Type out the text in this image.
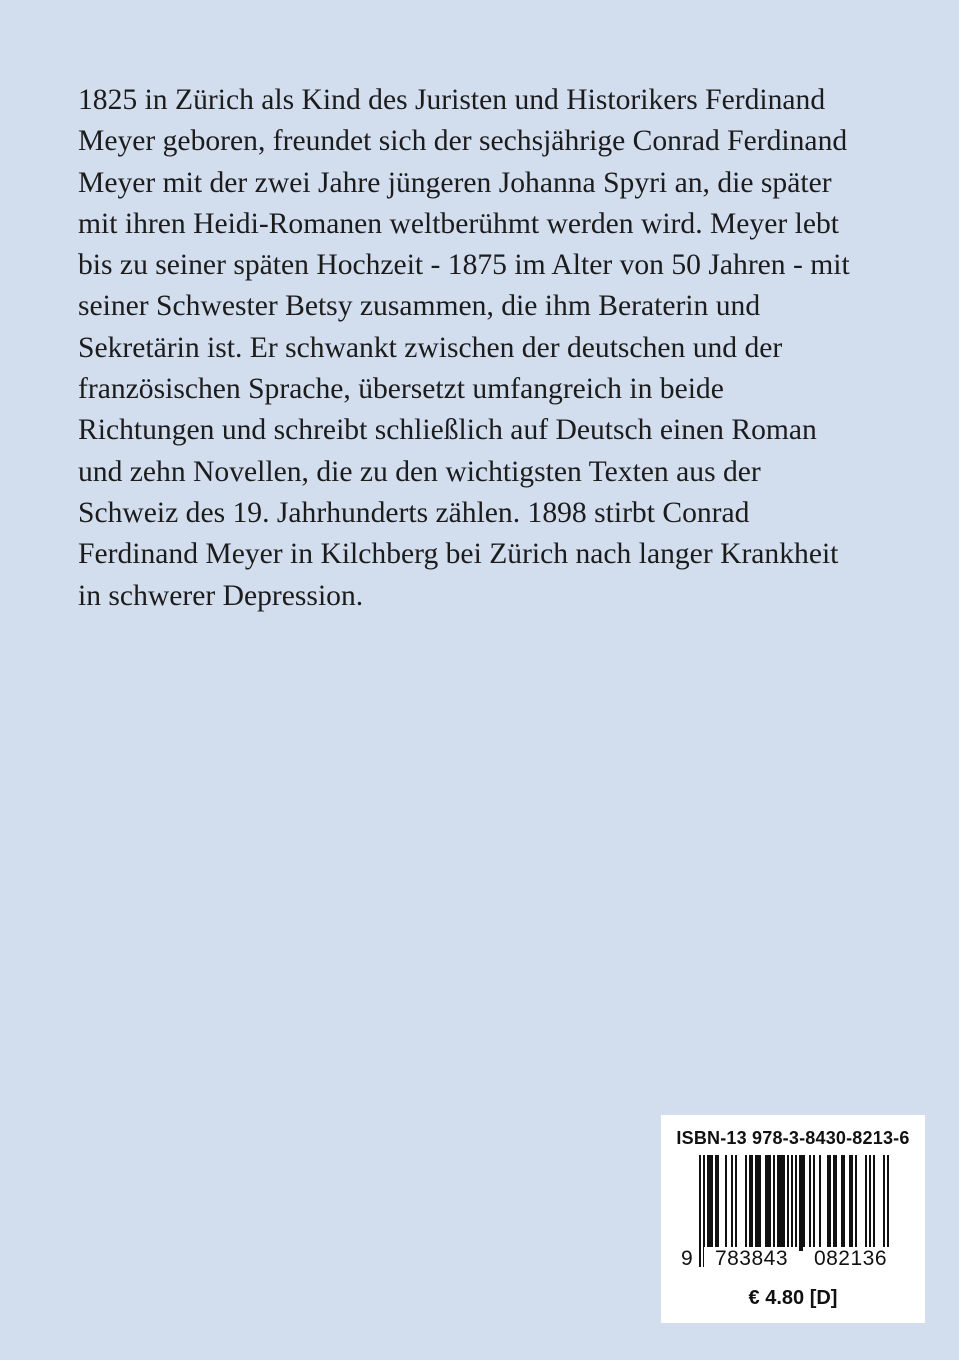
1825 in Zürich als Kind des Juristen und Historikers Ferdinand
Meyer geboren, freundet sich der sechsjährige Conrad Ferdinand
Meyer mit der zwei Jahre jüngeren Johanna Spyri an, die später
mit ihren Heidi-Romanen weltberühmt werden wird. Meyer lebt
bis zu seiner späten Hochzeit - 1875 im Alter von 50 Jahren - mit
seiner Schwester Betsy zusammen, die ihm Beraterin und
Sekretärin ist. Er schwankt zwischen der deutschen und der
französischen Sprache, übersetzt umfangreich in beide
Richtungen und schreibt schließlich auf Deutsch einen Roman
und zehn Novellen, die zu den wichtigsten Texten aus der
Schweiz des 19. Jahrhunderts zählen. 1898 stirbt Conrad
Ferdinand Meyer in Kilchberg bei Zürich nach langer Krankheit
in schwerer Depression.

ISBN-13 978-3-8430-8213-6
9	783843	082136
€ 4.80 [D]
